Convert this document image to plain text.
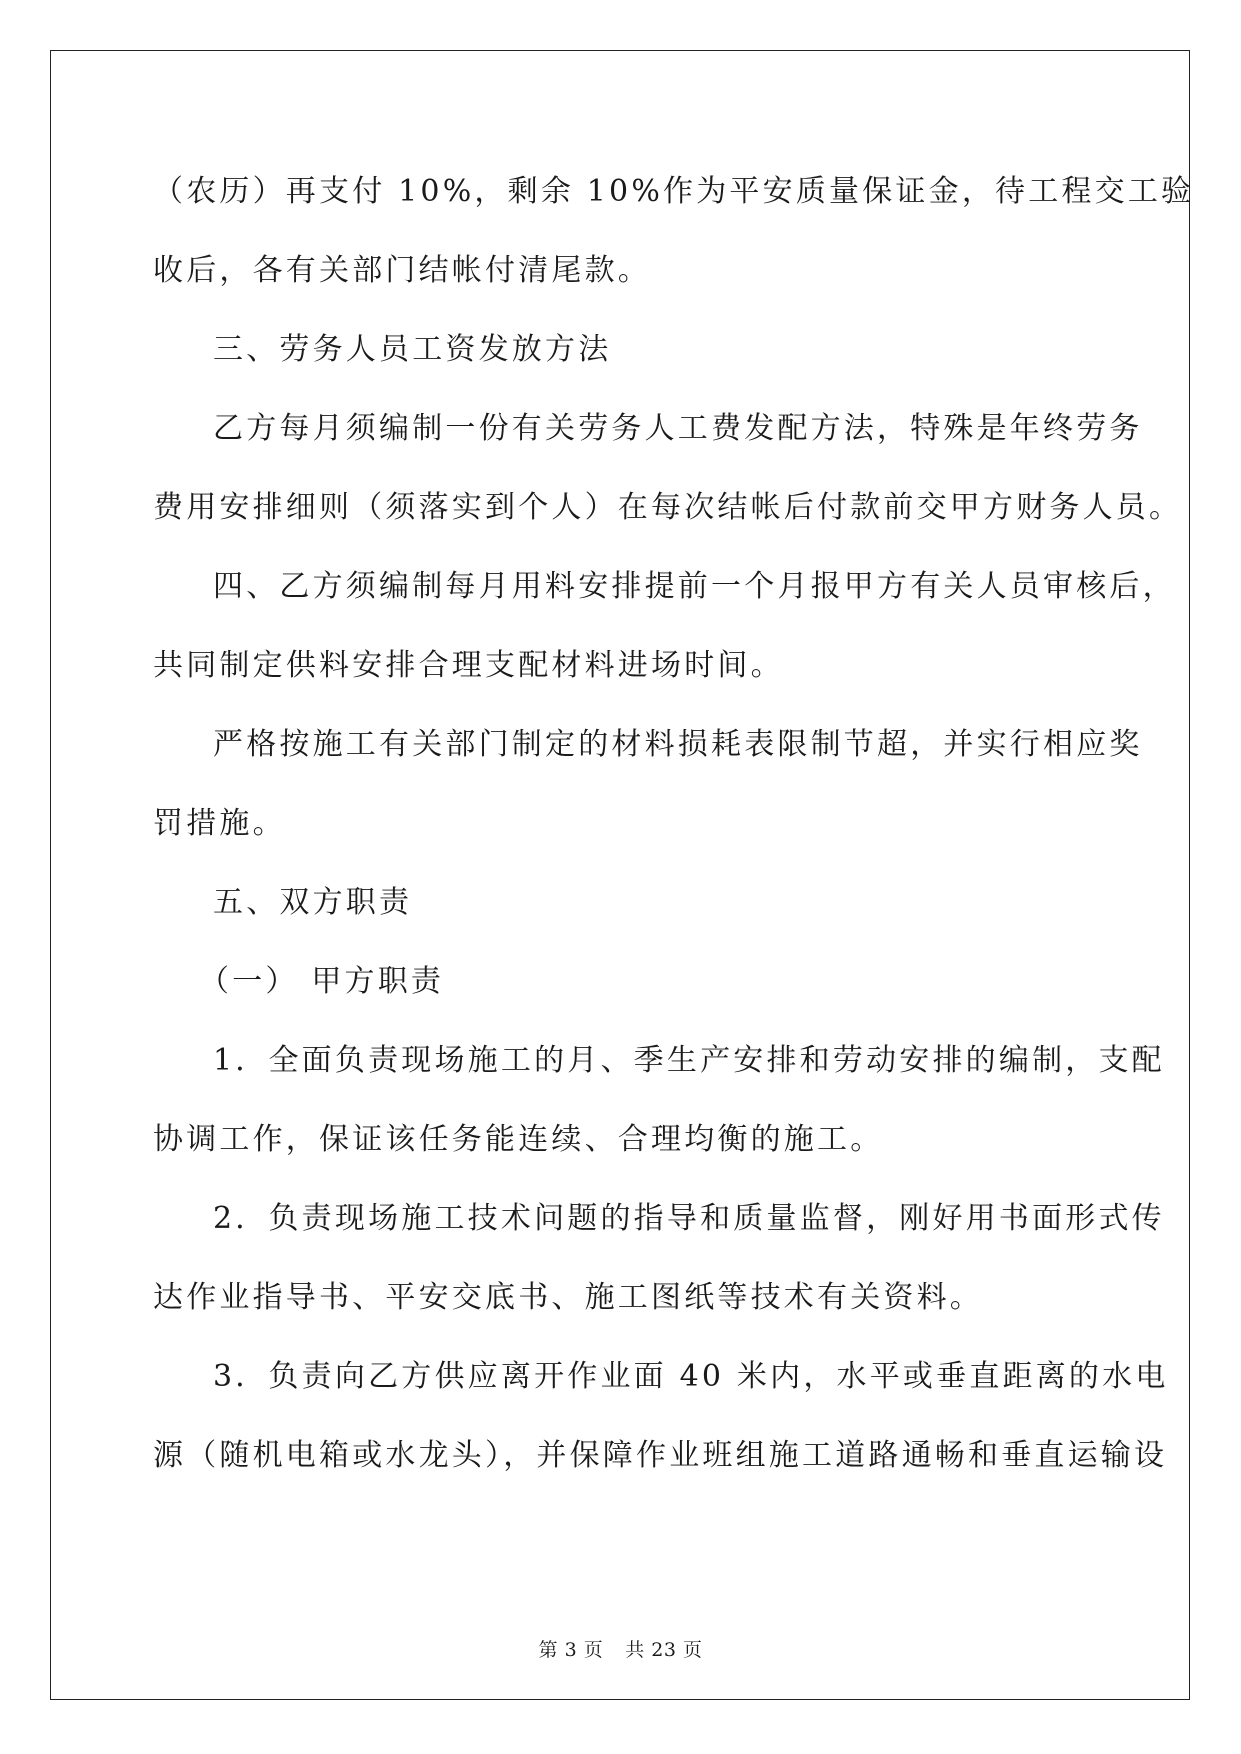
（农历）再支付 10%，剩余 10%作为平安质量保证金，待工程交工验
收后，各有关部门结帐付清尾款。
三、劳务人员工资发放方法
乙方每月须编制一份有关劳务人工费发配方法，特殊是年终劳务
费用安排细则（须落实到个人）在每次结帐后付款前交甲方财务人员。
四、乙方须编制每月用料安排提前一个月报甲方有关人员审核后，
共同制定供料安排合理支配材料进场时间。
严格按施工有关部门制定的材料损耗表限制节超，并实行相应奖
罚措施。
五、双方职责
（一） 甲方职责
1．全面负责现场施工的月、季生产安排和劳动安排的编制，支配
协调工作，保证该任务能连续、合理均衡的施工。
2．负责现场施工技术问题的指导和质量监督，刚好用书面形式传
达作业指导书、平安交底书、施工图纸等技术有关资料。
3．负责向乙方供应离开作业面 40 米内，水平或垂直距离的水电
源（随机电箱或水龙头），并保障作业班组施工道路通畅和垂直运输设
第 3 页 共 23 页
